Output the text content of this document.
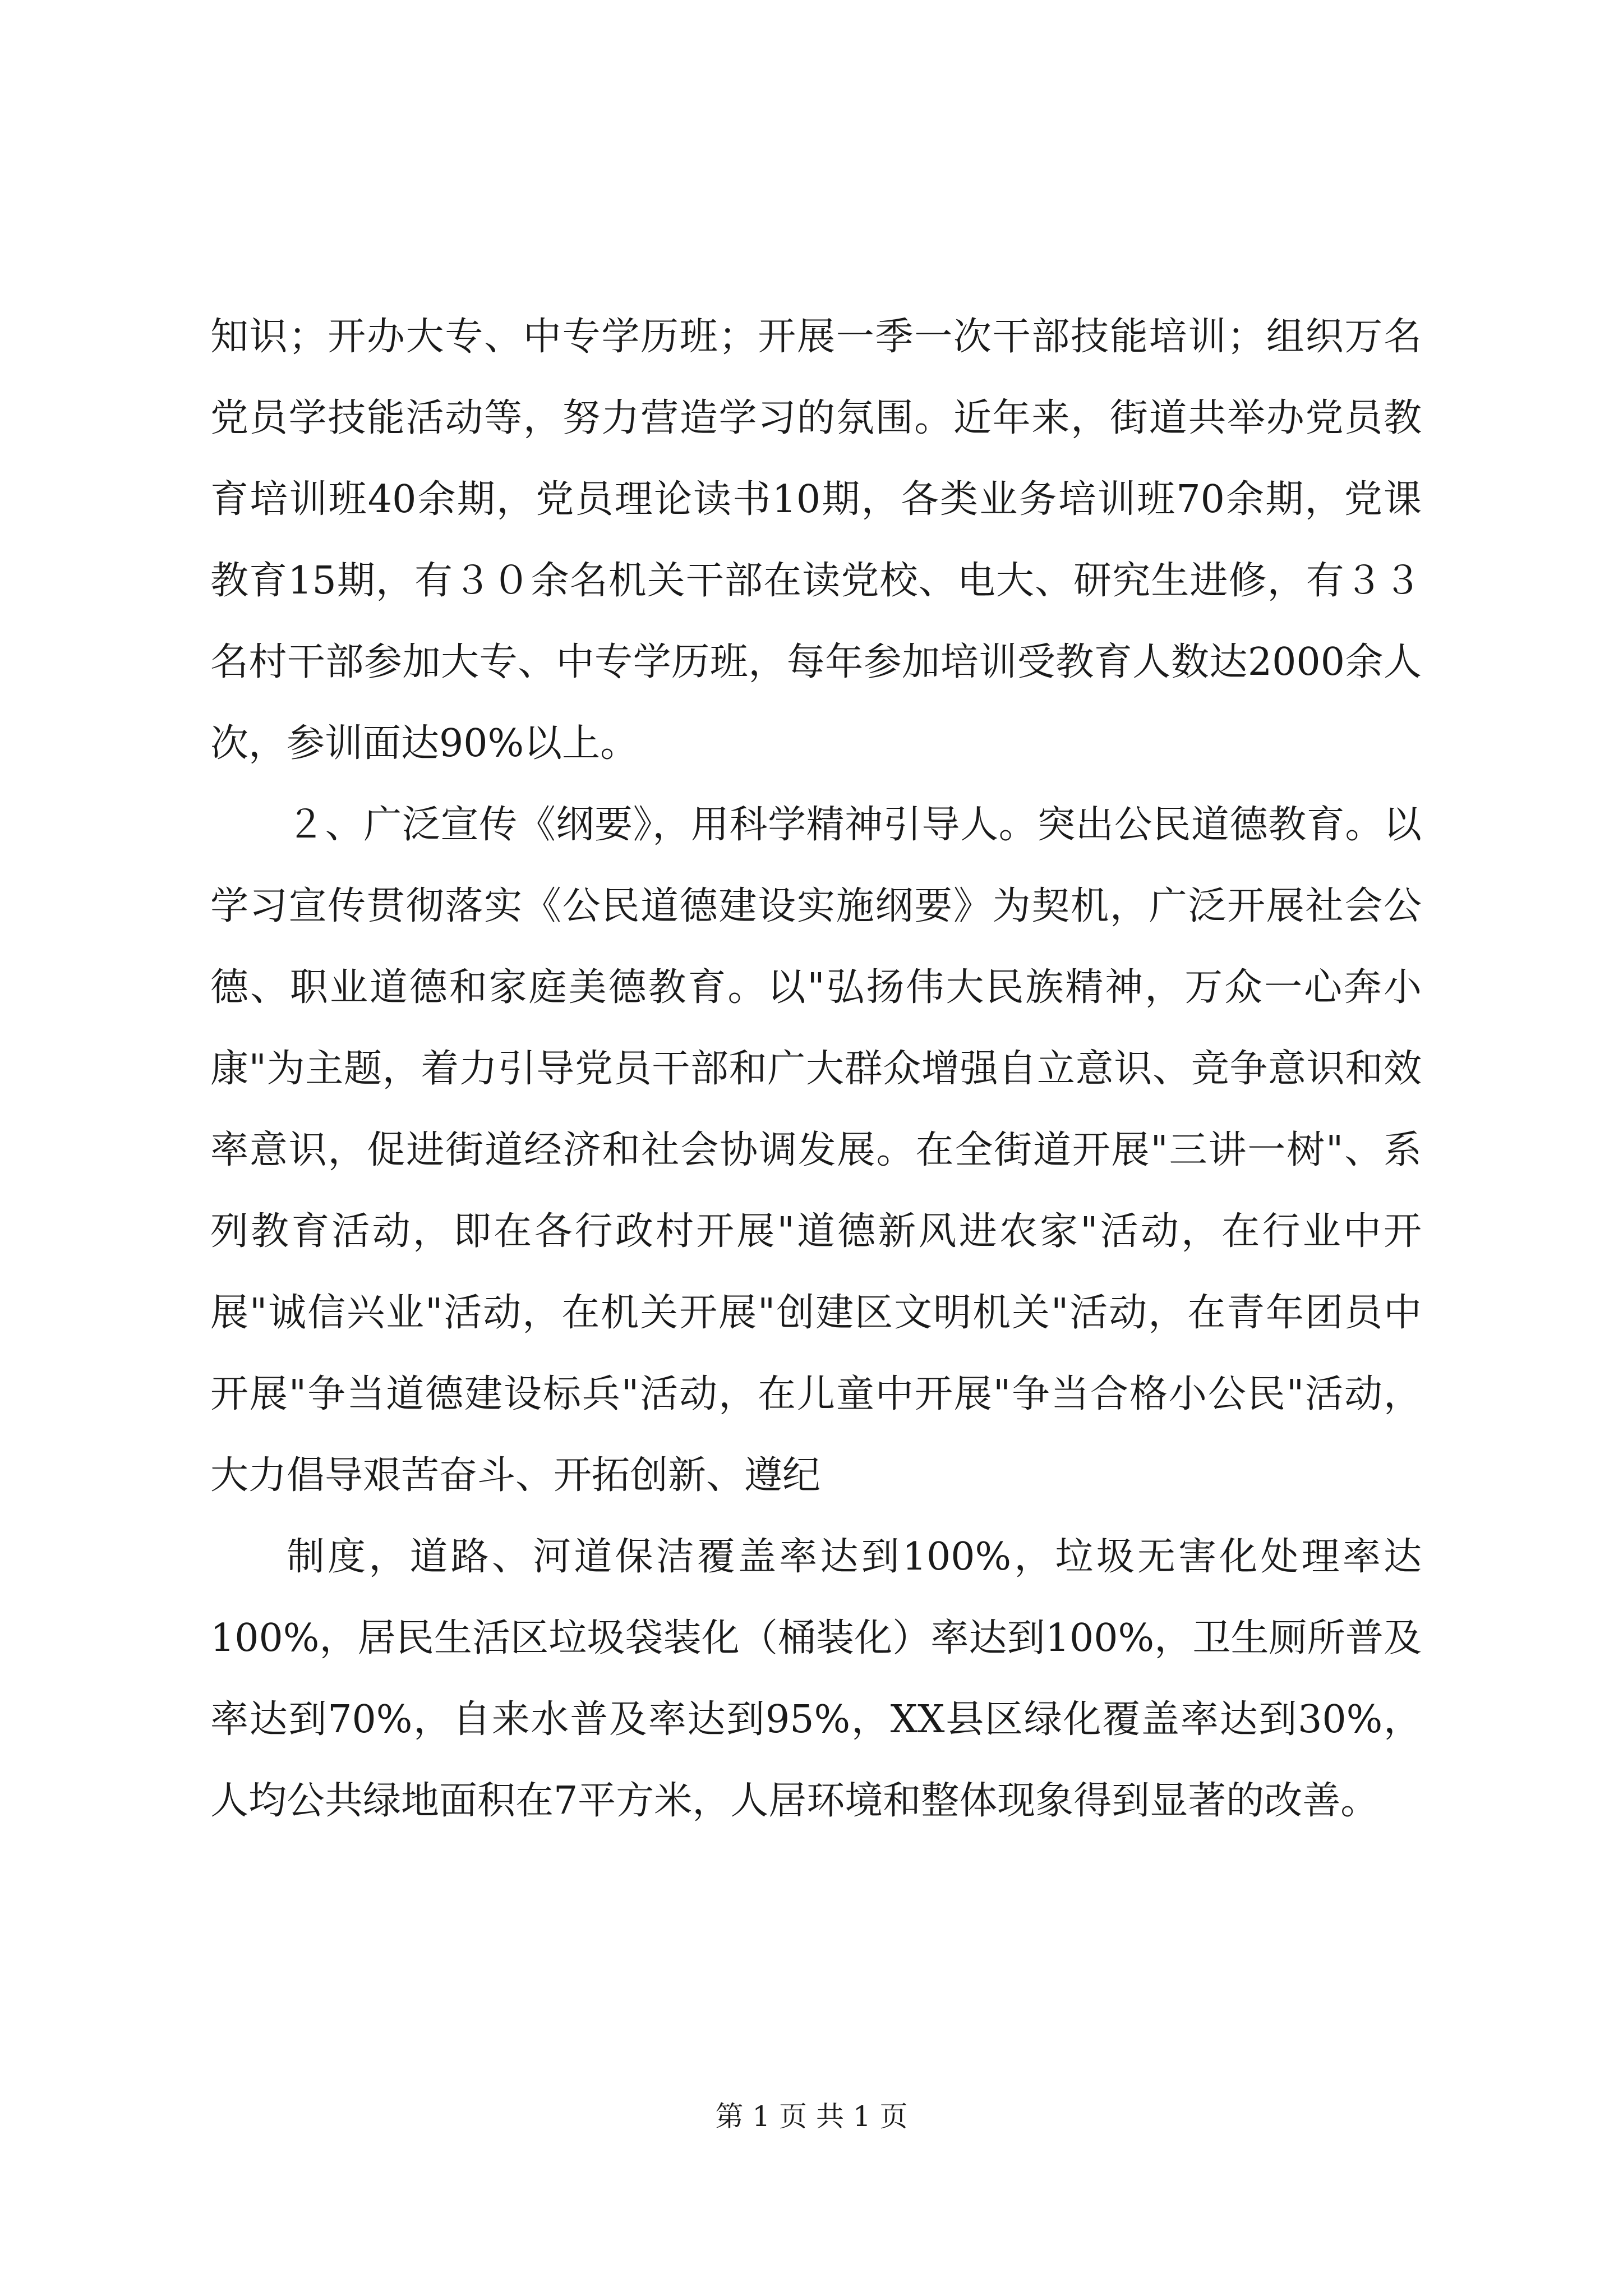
知识；开办大专、中专学历班；开展一季一次干部技能培训；组织万名党员学技能活动等，努力营造学习的氛围。近年来，街道共举办党员教育培训班40余期，党员理论读书10期，各类业务培训班70余期，党课教育15期，有３０余名机关干部在读党校、电大、研究生进修，有３３名村干部参加大专、中专学历班，每年参加培训受教育人数达2000余人次，参训面达90%以上。

２、广泛宣传《纲要》，用科学精神引导人。突出公民道德教育。以学习宣传贯彻落实《公民道德建设实施纲要》为契机，广泛开展社会公德、职业道德和家庭美德教育。以"弘扬伟大民族精神，万众一心奔小康"为主题，着力引导党员干部和广大群众增强自立意识、竞争意识和效率意识，促进街道经济和社会协调发展。在全街道开展"三讲一树"、系列教育活动，即在各行政村开展"道德新风进农家"活动，在行业中开展"诚信兴业"活动，在机关开展"创建区文明机关"活动，在青年团员中开展"争当道德建设标兵"活动，在儿童中开展"争当合格小公民"活动，大力倡导艰苦奋斗、开拓创新、遵纪

制度，道路、河道保洁覆盖率达到100%，垃圾无害化处理率达100%，居民生活区垃圾袋装化（桶装化）率达到100%，卫生厕所普及率达到70%，自来水普及率达到95%，XX县区绿化覆盖率达到30%，人均公共绿地面积在7平方米，人居环境和整体现象得到显著的改善。

第 1 页 共 1 页
